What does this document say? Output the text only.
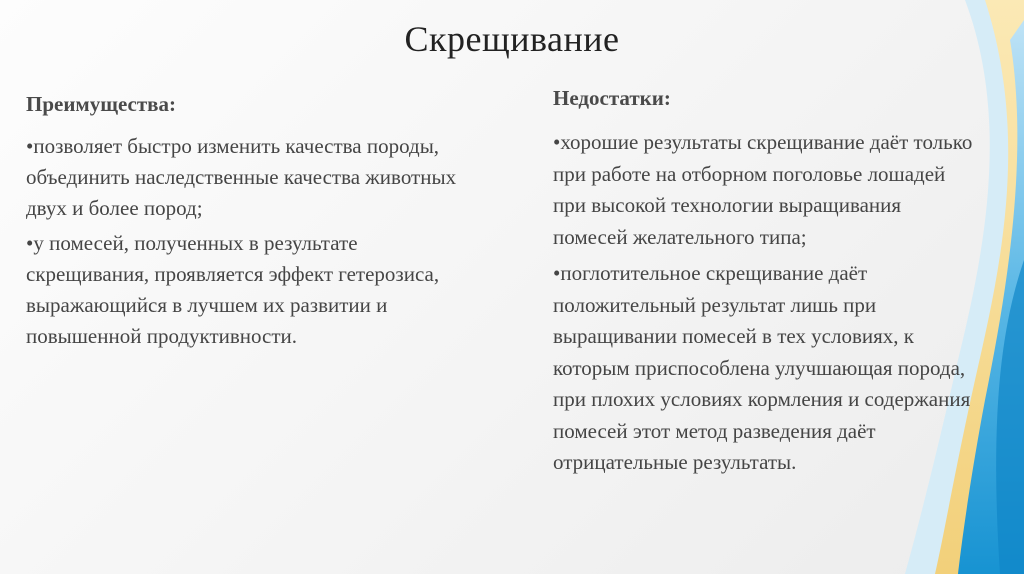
Скрещивание
Преимущества:
•позволяет быстро изменить качества породы, объединить наследственные качества животных двух и более пород;
•у помесей, полученных в результате скрещивания, проявляется эффект гетерозиса, выражающийся в лучшем их развитии и повышенной продуктивности.
Недостатки:
•хорошие результаты скрещивание даёт только при работе на отборном поголовье лошадей при высокой технологии выращивания помесей желательного типа;
•поглотительное скрещивание даёт положительный результат лишь при выращивании помесей в тех условиях, к которым приспособлена улучшающая порода, при плохих условиях кормления и содержания помесей этот метод разведения даёт отрицательные результаты.
